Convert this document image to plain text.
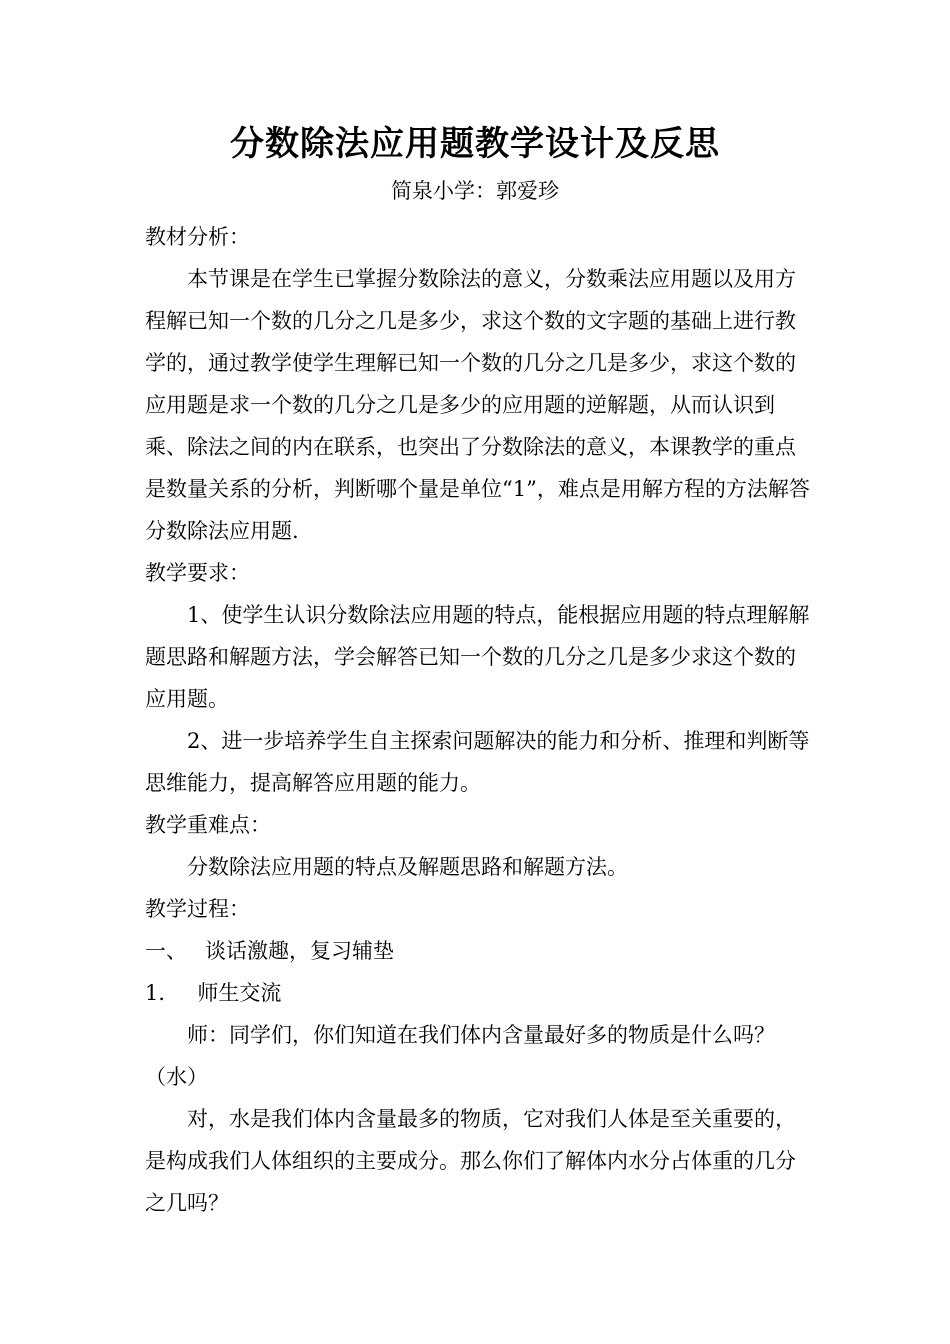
分数除法应用题教学设计及反思
简泉小学：郭爱珍

教材分析：

本节课是在学生已掌握分数除法的意义，分数乘法应用题以及用方程解已知一个数的几分之几是多少，求这个数的文字题的基础上进行教学的，通过教学使学生理解已知一个数的几分之几是多少，求这个数的应用题是求一个数的几分之几是多少的应用题的逆解题，从而认识到乘、除法之间的内在联系，也突出了分数除法的意义，本课教学的重点是数量关系的分析，判断哪个量是单位“1”，难点是用解方程的方法解答分数除法应用题.

教学要求：

1、使学生认识分数除法应用题的特点，能根据应用题的特点理解解题思路和解题方法，学会解答已知一个数的几分之几是多少求这个数的应用题。

2、进一步培养学生自主探索问题解决的能力和分析、推理和判断等思维能力，提高解答应用题的能力。

教学重难点：

分数除法应用题的特点及解题思路和解题方法。

教学过程：

一、 谈话激趣，复习辅垫

1． 师生交流

师：同学们，你们知道在我们体内含量最好多的物质是什么吗？（水）

对，水是我们体内含量最多的物质，它对我们人体是至关重要的，是构成我们人体组织的主要成分。那么你们了解体内水分占体重的几分之几吗？
